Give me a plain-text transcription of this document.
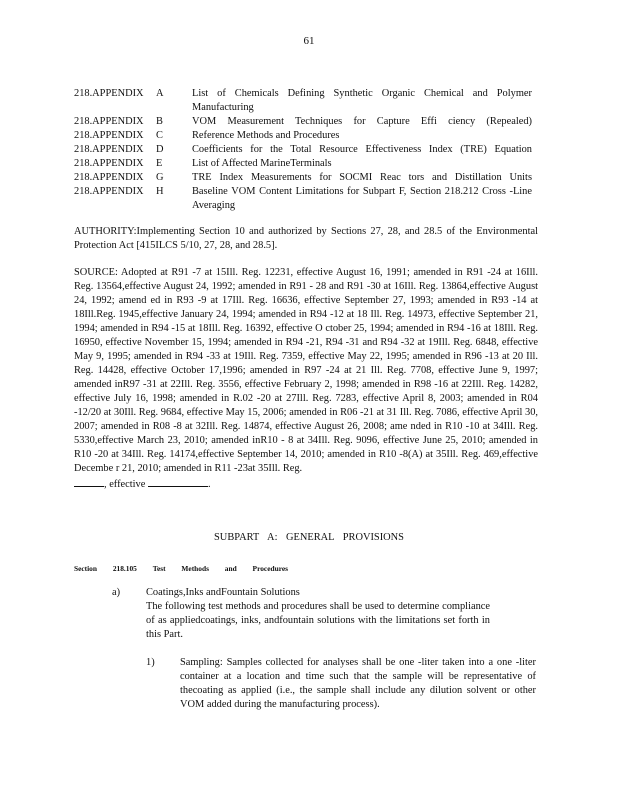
61
218.APPENDIX	A	List of Chemicals Defining Synthetic Organic Chemical and Polymer Manufacturing
218.APPENDIX	B	VOM Measurement Techniques for Capture Effi ciency (Repealed)
218.APPENDIX	C	Reference Methods and Procedures
218.APPENDIX	D	Coefficients for the Total Resource Effectiveness Index (TRE) Equation
218.APPENDIX	E	List of Affected MarineTerminals
218.APPENDIX	G	TRE Index Measurements for SOCMI Reac tors and Distillation Units
218.APPENDIX	H	Baseline VOM Content Limitations for Subpart F, Section 218.212 Cross -Line Averaging
AUTHORITY:Implementing Section 10 and authorized by Sections 27, 28, and 28.5 of the Environmental Protection Act [415ILCS 5/10, 27, 28, and 28.5].
SOURCE: Adopted at R91 -7 at 15Ill. Reg. 12231, effective August 16, 1991; amended in R91 -24 at 16Ill. Reg. 13564,effective August 24, 1992; amended in R91 - 28 and R91 -30 at 16Ill. Reg. 13864,effective August 24, 1992; amend ed in R93 -9 at 17Ill. Reg. 16636, effective September 27, 1993; amended in R93 -14 at 18Ill.Reg. 1945,effective January 24, 1994; amended in R94 -12 at 18 Ill. Reg. 14973, effective September 21, 1994; amended in R94 -15 at 18Ill. Reg. 16392, effective O ctober 25, 1994; amended in R94 -16 at 18Ill. Reg. 16950, effective November 15, 1994; amended in R94 -21, R94 -31 and R94 -32 at 19Ill. Reg. 6848, effective May 9, 1995; amended in R94 -33 at 19Ill. Reg. 7359, effective May 22, 1995; amended in R96 -13 at 20 Ill. Reg. 14428, effective October 17,1996; amended in R97 -24 at 21 Ill. Reg. 7708, effective June 9, 1997; amended inR97 -31 at 22Ill. Reg. 3556, effective February 2, 1998; amended in R98 -16 at 22Ill. Reg. 14282, effective July 16, 1998; amended in R.02 -20 at 27Ill. Reg. 7283, effective April 8, 2003; amended in R04 -12/20 at 30Ill. Reg. 9684, effective May 15, 2006; amended in R06 -21 at 31 Ill. Reg. 7086, effective April 30, 2007; amended in R08 -8 at 32Ill. Reg. 14874, effective August 26, 2008; ame nded in R10 -10 at 34Ill. Reg. 5330,effective March 23, 2010; amended inR10 - 8 at 34Ill. Reg. 9096, effective June 25, 2010; amended in R10 -20 at 34Ill. Reg. 14174,effective September 14, 2010; amended in R10 -8(A) at 35Ill. Reg. 469,effective Decembe r 21, 2010; amended in R11 -23at 35Ill. Reg.
, effective	.
SUBPART A: GENERAL PROVISIONS
Section 218.105 Test Methods and Procedures
a) Coatings,Inks andFountain Solutions
The following test methods and procedures shall be used to determine compliance of as appliedcoatings, inks, andfountain solutions with the limitations set forth in this Part.
1) Sampling: Samples collected for analyses shall be one -liter taken into a one -liter container at a location and time such that the sample will be representative of thecoating as applied (i.e., the sample shall include any dilution solvent or other VOM added during the manufacturing process).
